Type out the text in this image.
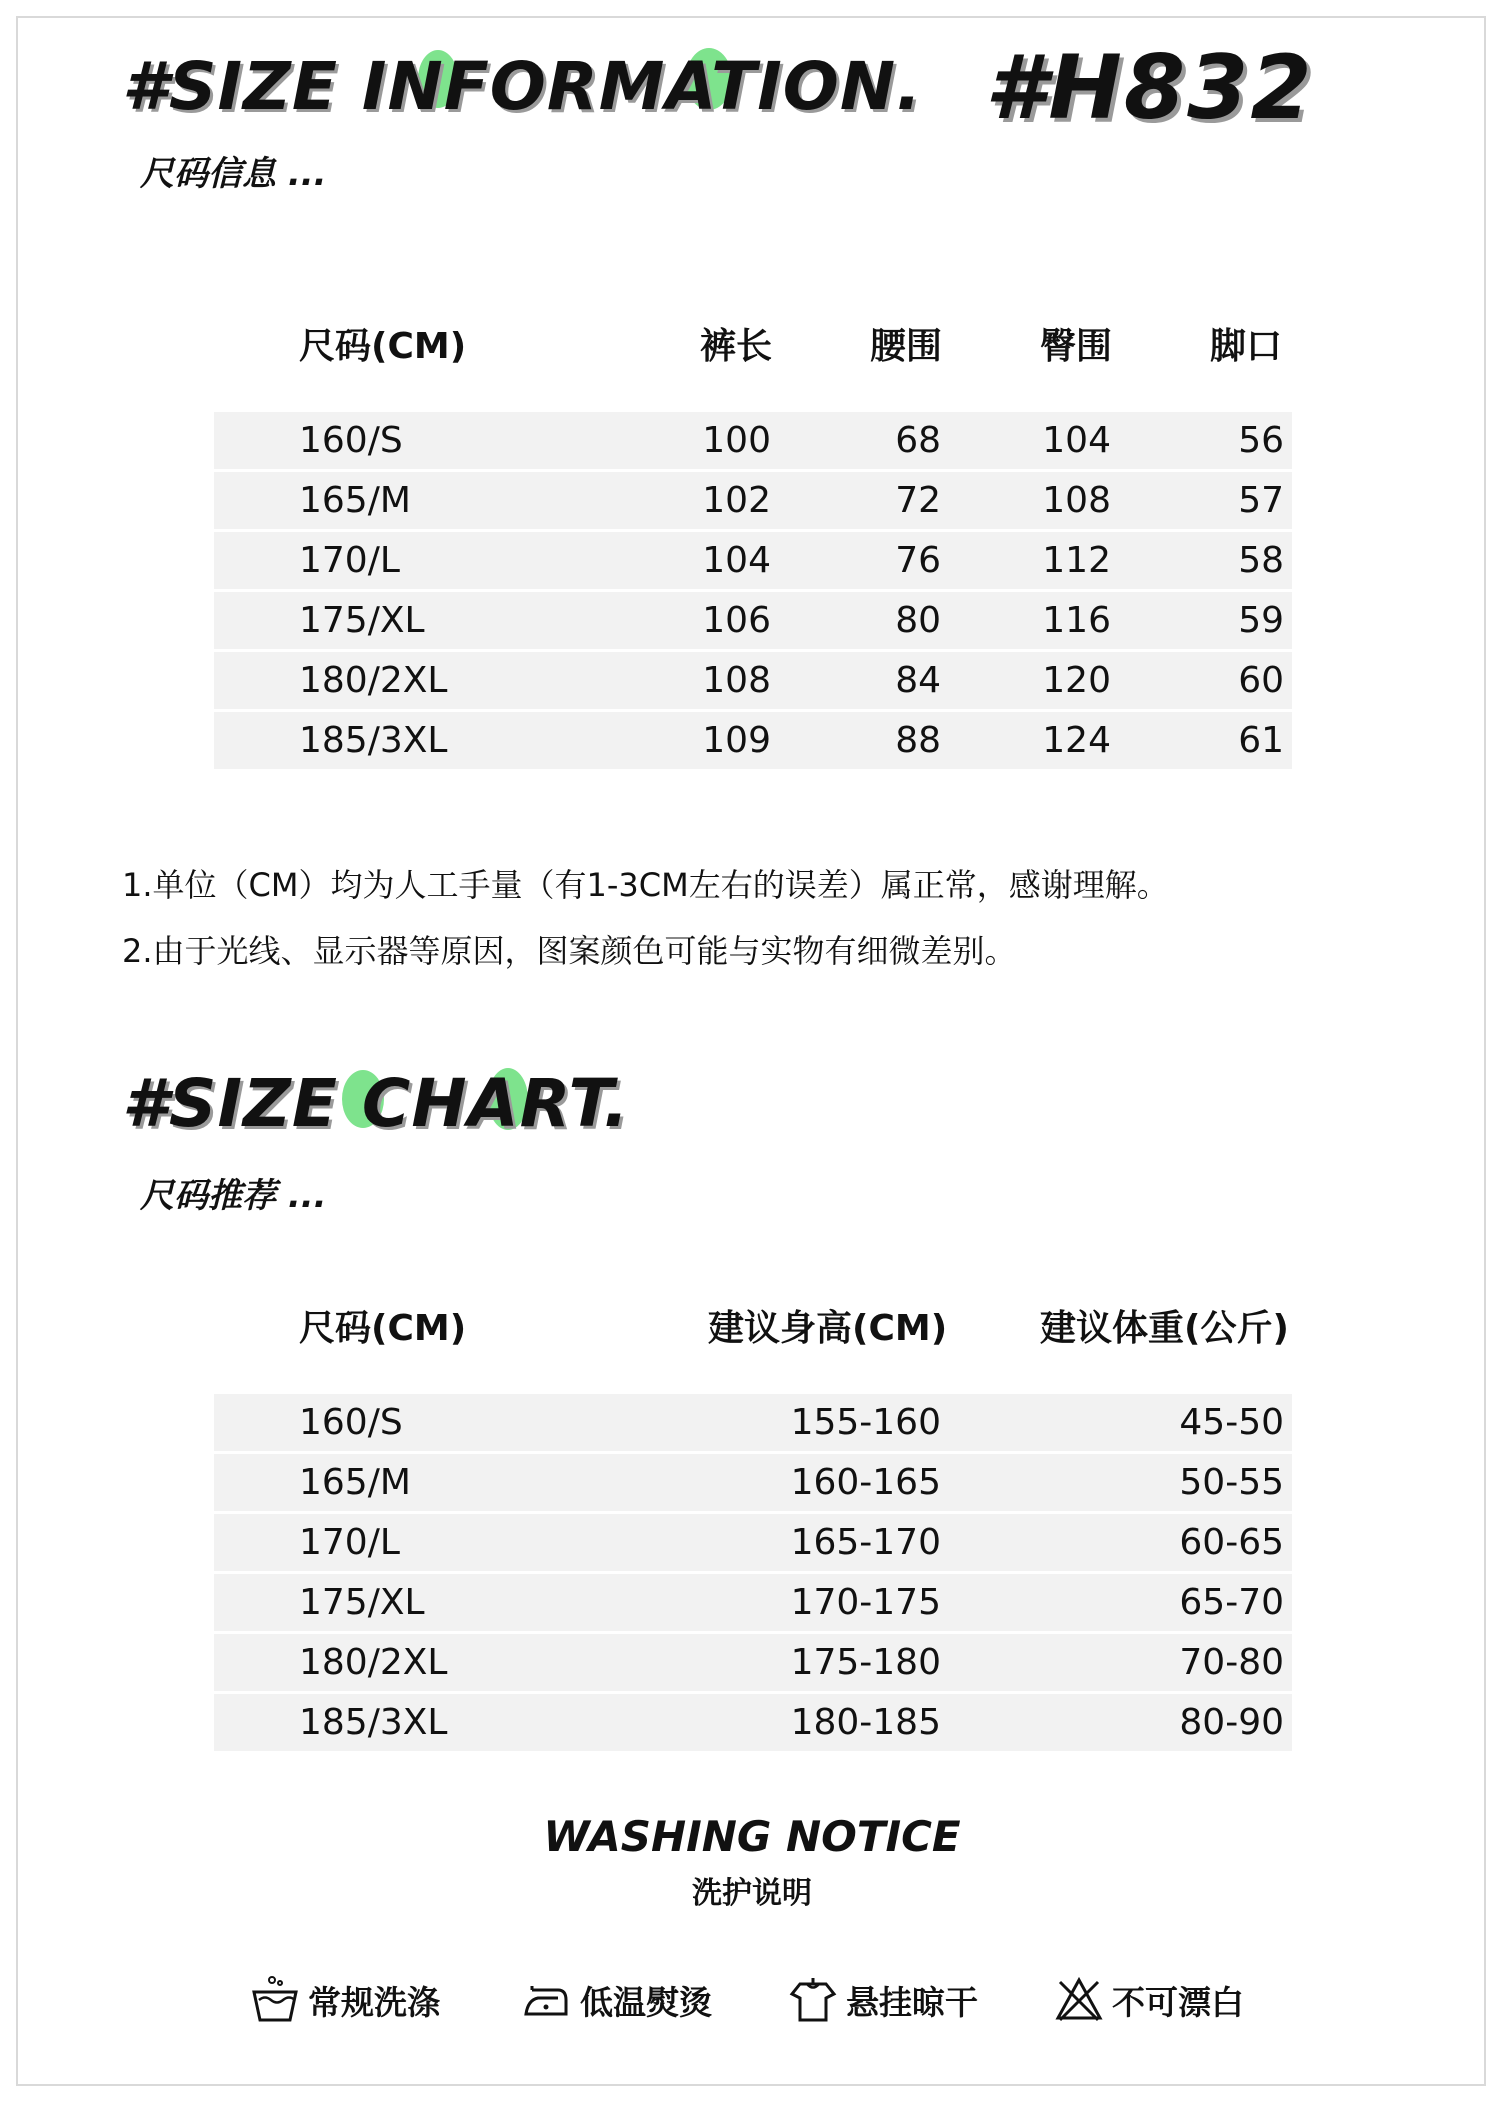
#SIZE INFORMATION. #H832
尺码信息 ...
尺码(CM)	裤长	腰围	臀围	脚口
160/S	100	68	104	56
165/M	102	72	108	57
170/L	104	76	112	58
175/XL	106	80	116	59
180/2XL	108	84	120	60
185/3XL	109	88	124	61
1.单位（CM）均为人工手量（有1-3CM左右的误差）属正常，感谢理解。
2.由于光线、显示器等原因，图案颜色可能与实物有细微差别。
#SIZE CHART.
尺码推荐 ...
尺码(CM)	建议身高(CM)	建议体重(公斤)
160/S	155-160	45-50
165/M	160-165	50-55
170/L	165-170	60-65
175/XL	170-175	65-70
180/2XL	175-180	70-80
185/3XL	180-185	80-90
WASHING NOTICE
洗护说明
常规洗涤	低温熨烫	悬挂晾干	不可漂白
